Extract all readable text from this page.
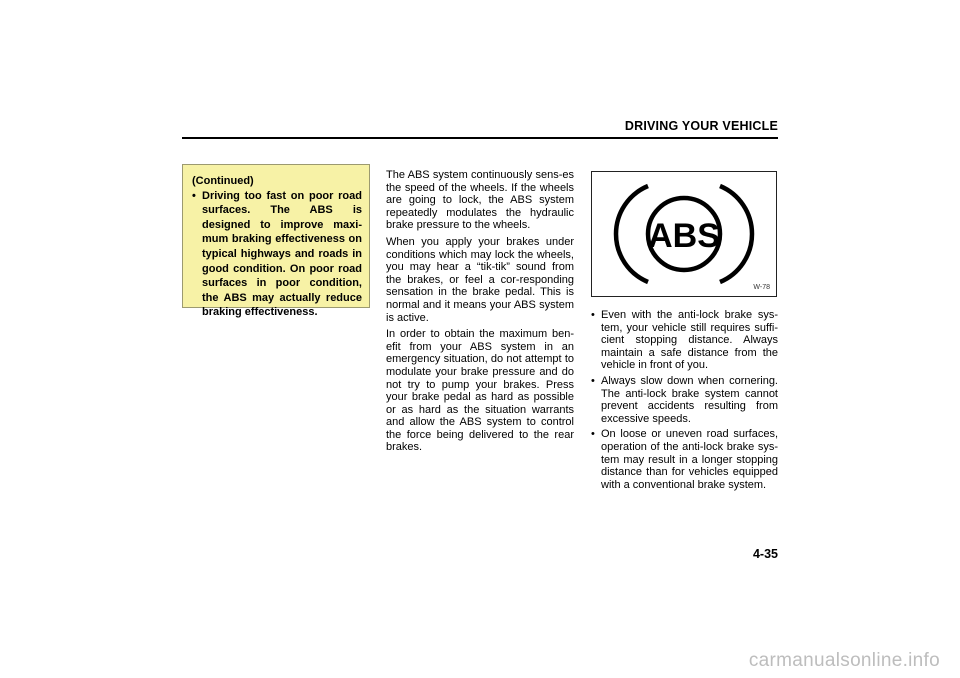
DRIVING YOUR VEHICLE

(Continued)

• Driving too fast on poor road surfaces. The ABS is designed to improve maxi-mum braking effectiveness on typical highways and roads in good condition. On poor road surfaces in poor condition, the ABS may actually reduce braking effectiveness.

The ABS system continuously sens-es the speed of the wheels. If the wheels are going to lock, the ABS system repeatedly modulates the hydraulic brake pressure to the wheels.

When you apply your brakes under conditions which may lock the wheels, you may hear a “tik-tik” sound from the brakes, or feel a cor-responding sensation in the brake pedal. This is normal and it means your ABS system is active.

In order to obtain the maximum ben-efit from your ABS system in an emergency situation, do not attempt to modulate your brake pressure and do not try to pump your brakes. Press your brake pedal as hard as possible or as hard as the situation warrants and allow the ABS system to control the force being delivered to the rear brakes.

ABS
W-78
• Even with the anti-lock brake sys-tem, your vehicle still requires suffi-cient stopping distance. Always maintain a safe distance from the vehicle in front of you.
• Always slow down when cornering. The anti-lock brake system cannot prevent accidents resulting from excessive speeds.
• On loose or uneven road surfaces, operation of the anti-lock brake sys-tem may result in a longer stopping distance than for vehicles equipped with a conventional brake system.
4-35
carmanualsonline.info
